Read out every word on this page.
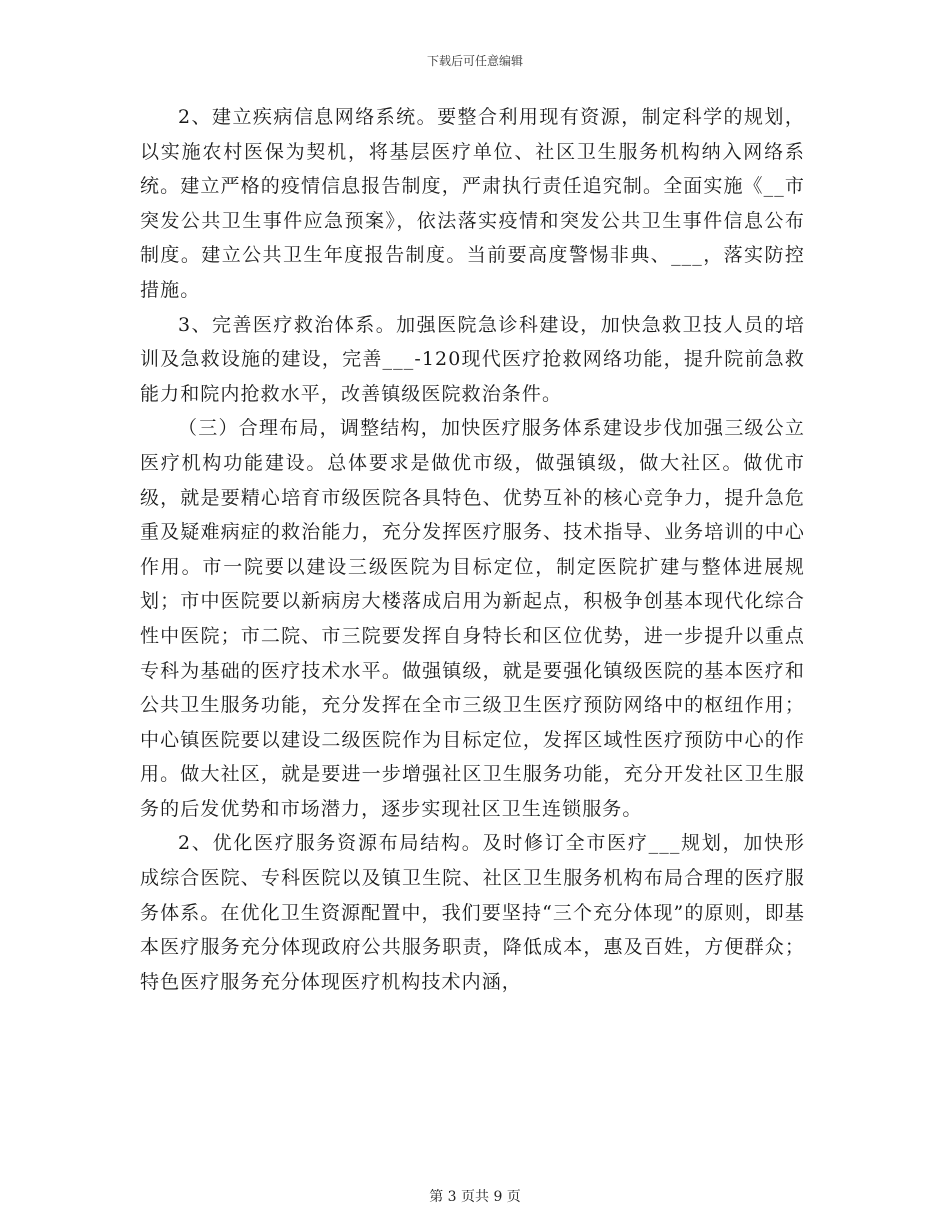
下载后可任意编辑

2、建立疾病信息网络系统。要整合利用现有资源，制定科学的规划，以实施农村医保为契机，将基层医疗单位、社区卫生服务机构纳入网络系统。建立严格的疫情信息报告制度，严肃执行责任追究制。全面实施《__市突发公共卫生事件应急预案》，依法落实疫情和突发公共卫生事件信息公布制度。建立公共卫生年度报告制度。当前要高度警惕非典、___，落实防控措施。

3、完善医疗救治体系。加强医院急诊科建设，加快急救卫技人员的培训及急救设施的建设，完善___-120现代医疗抢救网络功能，提升院前急救能力和院内抢救水平，改善镇级医院救治条件。

（三）合理布局，调整结构，加快医疗服务体系建设步伐加强三级公立医疗机构功能建设。总体要求是做优市级，做强镇级，做大社区。做优市级，就是要精心培育市级医院各具特色、优势互补的核心竞争力，提升急危重及疑难病症的救治能力，充分发挥医疗服务、技术指导、业务培训的中心作用。市一院要以建设三级医院为目标定位，制定医院扩建与整体进展规划；市中医院要以新病房大楼落成启用为新起点，积极争创基本现代化综合性中医院；市二院、市三院要发挥自身特长和区位优势，进一步提升以重点专科为基础的医疗技术水平。做强镇级，就是要强化镇级医院的基本医疗和公共卫生服务功能，充分发挥在全市三级卫生医疗预防网络中的枢纽作用；中心镇医院要以建设二级医院作为目标定位，发挥区域性医疗预防中心的作用。做大社区，就是要进一步增强社区卫生服务功能，充分开发社区卫生服务的后发优势和市场潜力，逐步实现社区卫生连锁服务。

2、优化医疗服务资源布局结构。及时修订全市医疗___规划，加快形成综合医院、专科医院以及镇卫生院、社区卫生服务机构布局合理的医疗服务体系。在优化卫生资源配置中，我们要坚持“三个充分体现”的原则，即基本医疗服务充分体现政府公共服务职责，降低成本，惠及百姓，方便群众；特色医疗服务充分体现医疗机构技术内涵，

第 3 页共 9 页
